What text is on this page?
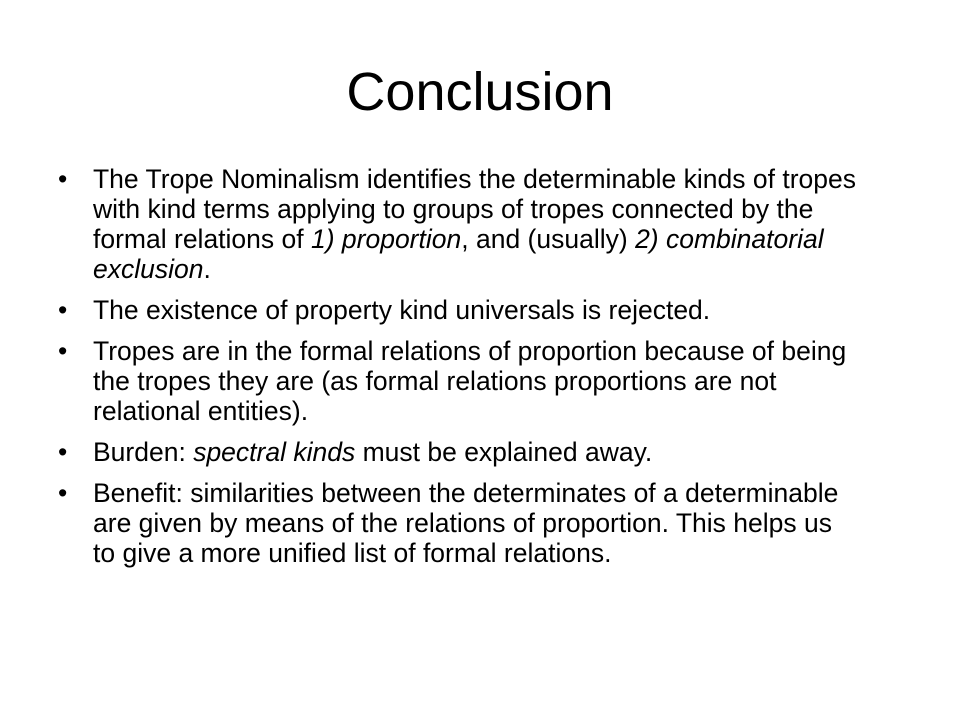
Conclusion
• The Trope Nominalism identifies the determinable kinds of tropes with kind terms applying to groups of tropes connected by the formal relations of 1) proportion, and (usually) 2) combinatorial exclusion.
• The existence of property kind universals is rejected.
• Tropes are in the formal relations of proportion because of being the tropes they are (as formal relations proportions are not relational entities).
• Burden: spectral kinds must be explained away.
• Benefit: similarities between the determinates of a determinable are given by means of the relations of proportion. This helps us to give a more unified list of formal relations.
